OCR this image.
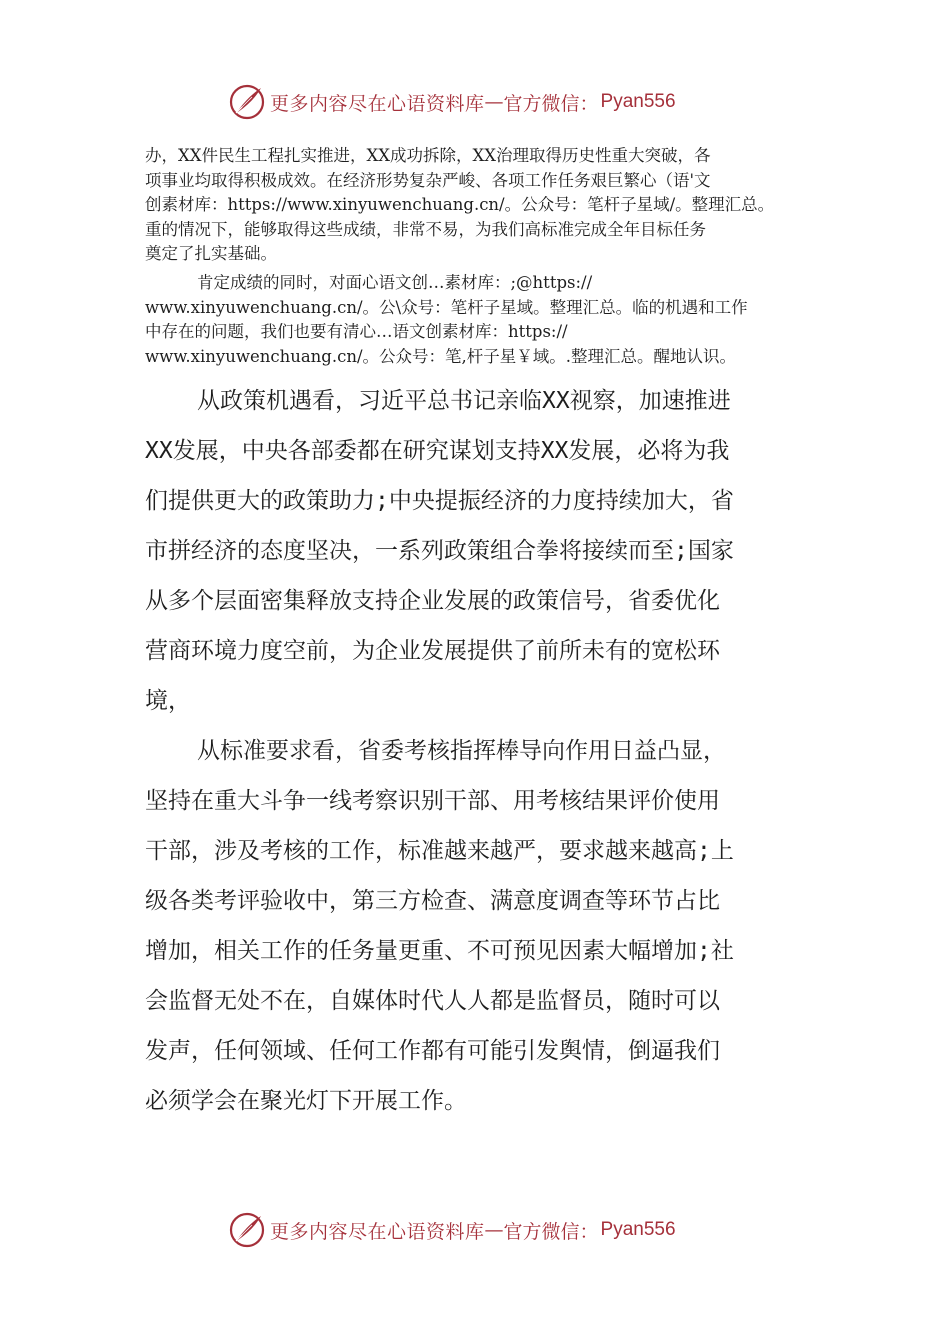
更多内容尽在心语资料库 — 官方微信： Pyan556
办，XX件民生工程扎实推进，XX成功拆除，XX治理取得历史性重大突破，各
项事业均取得积极成效。在经济形势复杂严峻、各项工作任务艰巨繁心（语'文
创素材库：https://www.xinyuwenchuang.cn/。公众号：笔杆子星域/。整理汇总。
重的情况下，能够取得这些成绩，非常不易，为我们高标准完成全年目标任务
奠定了扎实基础。
肯定成绩的同时，对面心语文创…素材库：;@https://
www.xinyuwenchuang.cn/。公\众号：笔杆子星域。整理汇总。临的机遇和工作
中存在的问题，我们也要有清心…语文创素材库：https://
www.xinyuwenchuang.cn/。公众号：笔,杆子星￥域。.整理汇总。醒地认识。
从政策机遇看，习近平总书记亲临XX视察，加速推进
XX发展，中央各部委都在研究谋划支持XX发展，必将为我
们提供更大的政策助力;中央提振经济的力度持续加大，省
市拼经济的态度坚决，一系列政策组合拳将接续而至;国家
从多个层面密集释放支持企业发展的政策信号，省委优化
营商环境力度空前，为企业发展提供了前所未有的宽松环
境，
从标准要求看，省委考核指挥棒导向作用日益凸显，
坚持在重大斗争一线考察识别干部、用考核结果评价使用
干部，涉及考核的工作，标准越来越严，要求越来越高;上
级各类考评验收中，第三方检查、满意度调查等环节占比
增加，相关工作的任务量更重、不可预见因素大幅增加;社
会监督无处不在，自媒体时代人人都是监督员，随时可以
发声，任何领域、任何工作都有可能引发舆情，倒逼我们
必须学会在聚光灯下开展工作。
更多内容尽在心语资料库 — 官方微信： Pyan556
